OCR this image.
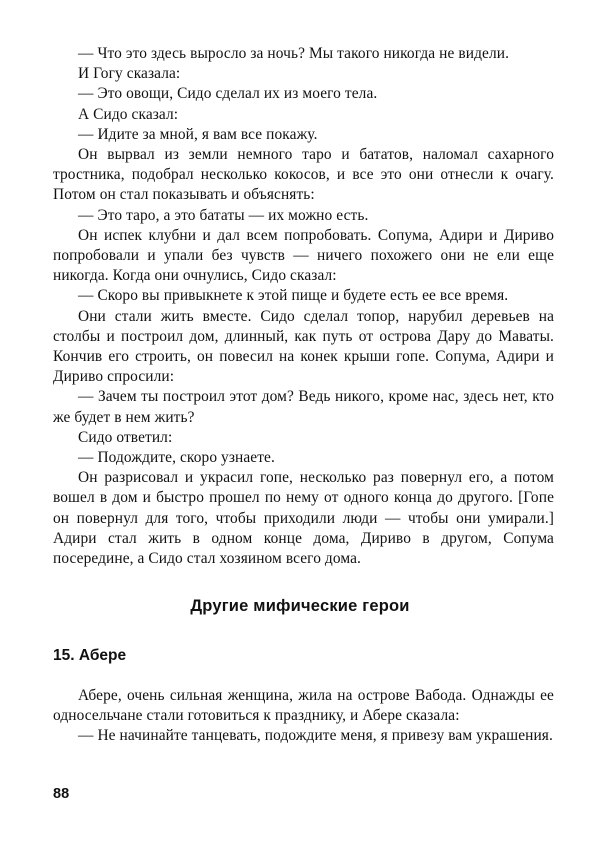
— Что это здесь выросло за ночь? Мы такого никогда не видели.

И Гогу сказала:

— Это овощи, Сидо сделал их из моего тела.

А Сидо сказал:

— Идите за мной, я вам все покажу.

Он вырвал из земли немного таро и бататов, наломал сахарного тростника, подобрал несколько кокосов, и все это они отнесли к очагу. Потом он стал показывать и объяснять:

— Это таро, а это бататы — их можно есть.

Он испек клубни и дал всем попробовать. Сопума, Адири и Дириво попробовали и упали без чувств — ничего похожего они не ели еще никогда. Когда они очнулись, Сидо сказал:

— Скоро вы привыкнете к этой пище и будете есть ее все время.

Они стали жить вместе. Сидо сделал топор, нарубил деревьев на столбы и построил дом, длинный, как путь от острова Дару до Маваты. Кончив его строить, он повесил на конек крыши гопе. Сопума, Адири и Дириво спросили:

— Зачем ты построил этот дом? Ведь никого, кроме нас, здесь нет, кто же будет в нем жить?

Сидо ответил:

— Подождите, скоро узнаете.

Он разрисовал и украсил гопе, несколько раз повернул его, а потом вошел в дом и быстро прошел по нему от одного конца до другого. [Гопе он повернул для того, чтобы приходили люди — чтобы они умирали.] Адири стал жить в одном конце дома, Дириво в другом, Сопума посередине, а Сидо стал хозяином всего дома.

Другие мифические герои
15. Абере

Абере, очень сильная женщина, жила на острове Вабода. Однажды ее односельчане стали готовиться к празднику, и Абере сказала:

— Не начинайте танцевать, подождите меня, я привезу вам украшения.

88
